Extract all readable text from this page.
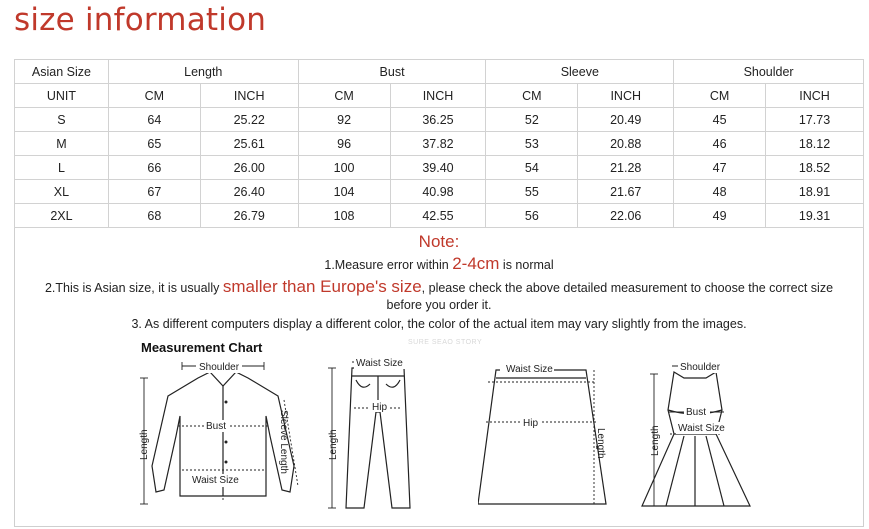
size information
Asian Size	Length		Bust		Sleeve		Shoulder	
UNIT	CM	INCH	CM	INCH	CM	INCH	CM	INCH
S	64	25.22	92	36.25	52	20.49	45	17.73
M	65	25.61	96	37.82	53	20.88	46	18.12
L	66	26.00	100	39.40	54	21.28	47	18.52
XL	67	26.40	104	40.98	55	21.67	48	18.91
2XL	68	26.79	108	42.55	56	22.06	49	19.31
Note:
1.Measure error within 2-4cm is normal
2.This is Asian size, it is usually smaller than Europe's size, please check the above detailed measurement to choose the correct size before you order it.
3. As different computers display a different color, the color of the actual item may vary slightly from the images.
Measurement Chart	SURE SEAO STORY
Shoulder
Bust
Waist Size
Length	Sleeve Length
Waist Size
Hip
Length
Waist Size
Hip
Length
Shoulder
Bust
Waist Size
Length
